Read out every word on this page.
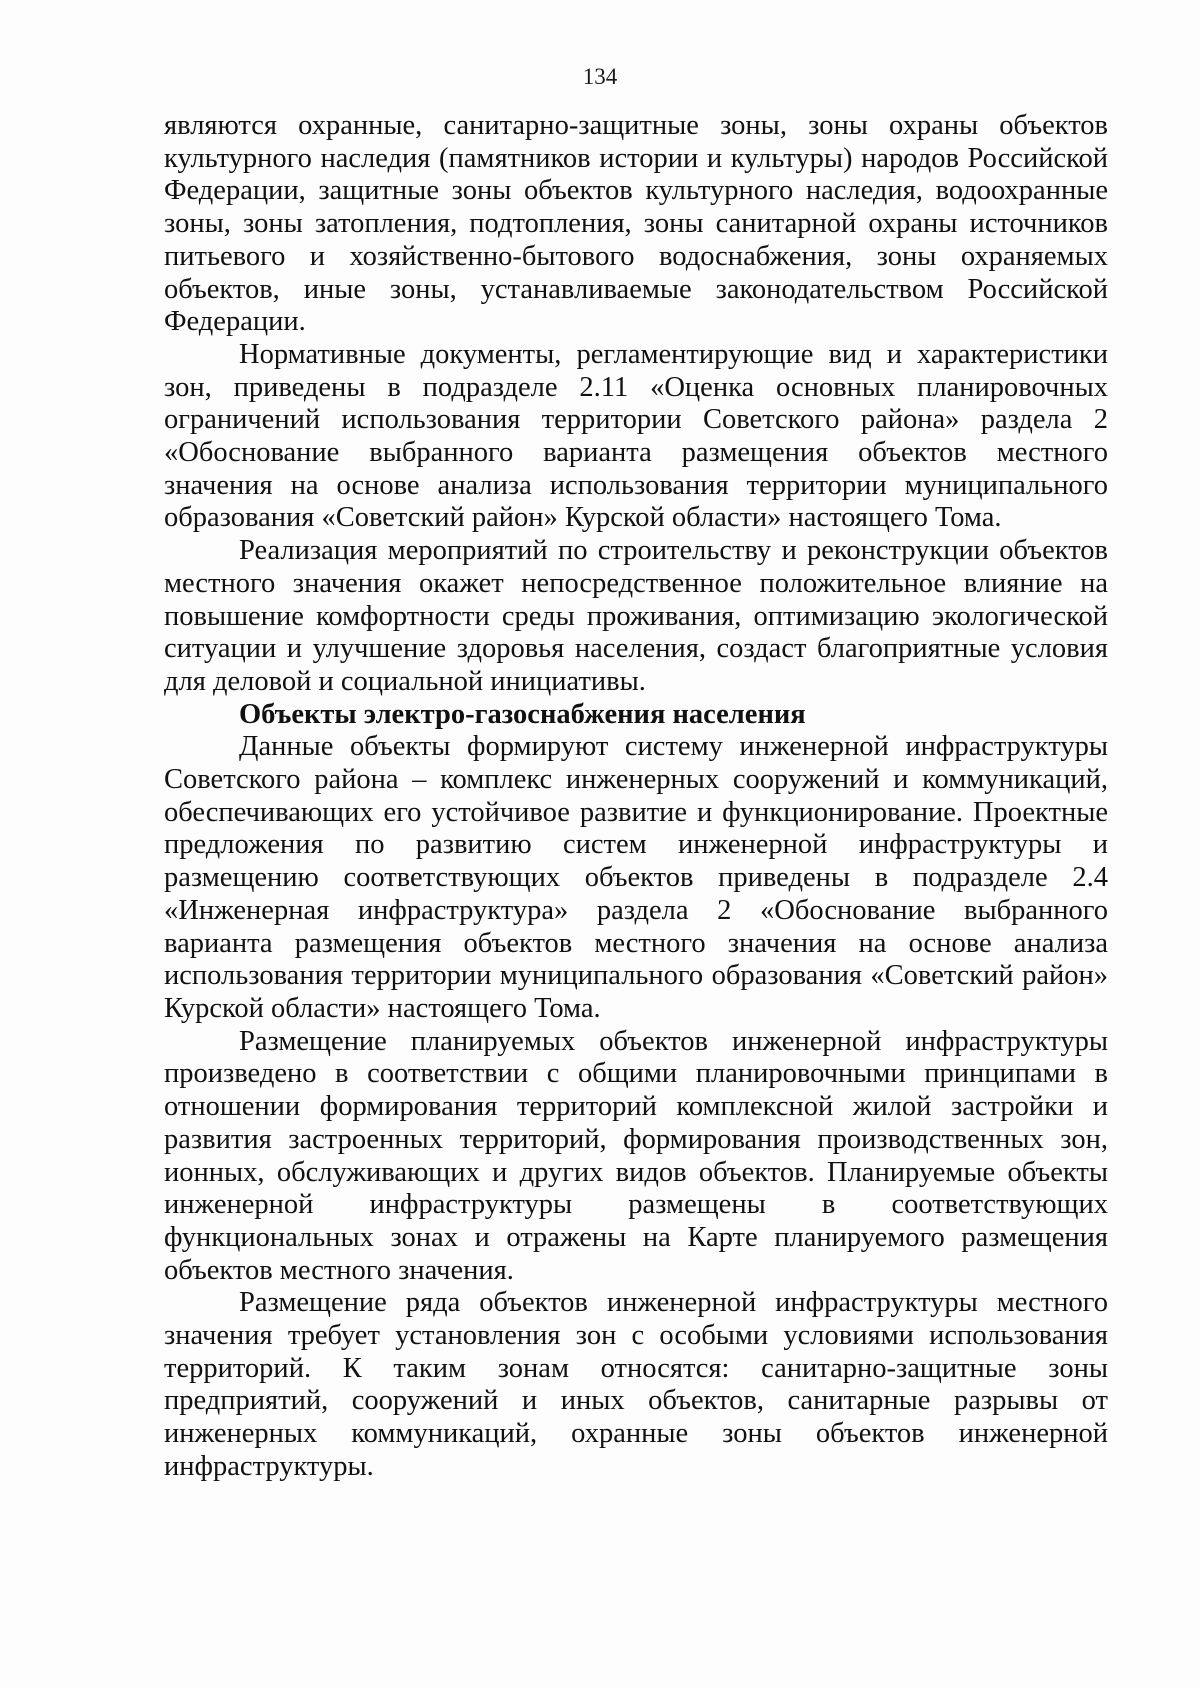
134

являются охранные, санитарно-защитные зоны, зоны охраны объектов культурного наследия (памятников истории и культуры) народов Российской Федерации, защитные зоны объектов культурного наследия, водоохранные зоны, зоны затопления, подтопления, зоны санитарной охраны источников питьевого и хозяйственно-бытового водоснабжения, зоны охраняемых объектов, иные зоны, устанавливаемые законодательством Российской Федерации.

Нормативные документы, регламентирующие вид и характеристики зон, приведены в подразделе 2.11 «Оценка основных планировочных ограничений использования территории Советского района» раздела 2 «Обоснование выбранного варианта размещения объектов местного значения на основе анализа использования территории муниципального образования «Советский район» Курской области» настоящего Тома.

Реализация мероприятий по строительству и реконструкции объектов местного значения окажет непосредственное положительное влияние на повышение комфортности среды проживания, оптимизацию экологической ситуации и улучшение здоровья населения, создаст благоприятные условия для деловой и социальной инициативы.

Объекты электро-газоснабжения населения

Данные объекты формируют систему инженерной инфраструктуры Советского района – комплекс инженерных сооружений и коммуникаций, обеспечивающих его устойчивое развитие и функционирование. Проектные предложения по развитию систем инженерной инфраструктуры и размещению соответствующих объектов приведены в подразделе 2.4 «Инженерная инфраструктура» раздела 2 «Обоснование выбранного варианта размещения объектов местного значения на основе анализа использования территории муниципального образования «Советский район» Курской области» настоящего Тома.

Размещение планируемых объектов инженерной инфраструктуры произведено в соответствии с общими планировочными принципами в отношении формирования территорий комплексной жилой застройки и развития застроенных территорий, формирования производственных зон, ионных, обслуживающих и других видов объектов. Планируемые объекты инженерной инфраструктуры размещены в соответствующих функциональных зонах и отражены на Карте планируемого размещения объектов местного значения.

Размещение ряда объектов инженерной инфраструктуры местного значения требует установления зон с особыми условиями использования территорий. К таким зонам относятся: санитарно-защитные зоны предприятий, сооружений и иных объектов, санитарные разрывы от инженерных коммуникаций, охранные зоны объектов инженерной инфраструктуры.
